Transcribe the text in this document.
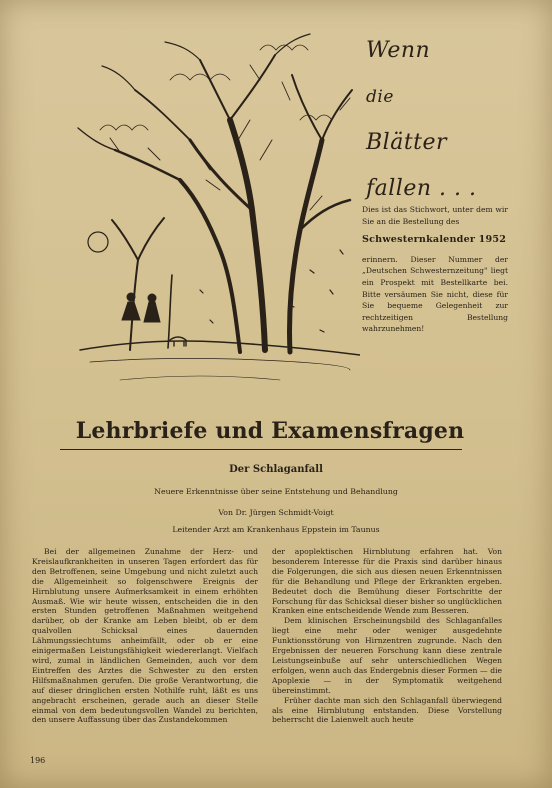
Wenn
die
Blätter
fallen . . .
Dies ist das Stichwort, unter dem wir Sie an die Bestellung des
Schwesternkalender 1952
erinnern. Dieser Nummer der „Deutschen Schwesternzeitung" liegt ein Prospekt mit Bestellkarte bei. Bitte versäumen Sie nicht, diese für Sie bequeme Gelegenheit zur rechtzeitigen Bestellung wahrzunehmen!
Lehrbriefe und Examensfragen
Der Schlaganfall
Neuere Erkenntnisse über seine Entstehung und Behandlung
Von Dr. Jürgen Schmidt-Voigt
Leitender Arzt am Krankenhaus Eppstein im Taunus

Bei der allgemeinen Zunahme der Herz- und Kreislaufkrankheiten in unseren Tagen erfordert das für den Betroffenen, seine Umgebung und nicht zuletzt auch die Allgemeinheit so folgenschwere Ereignis der Hirnblutung unsere Aufmerksamkeit in einem erhöhten Ausmaß. Wie wir heute wissen, entscheiden die in den ersten Stunden getroffenen Maßnahmen weitgehend darüber, ob der Kranke am Leben bleibt, ob er dem qualvollen Schicksal eines dauernden Lähmungssiechtums anheimfällt, oder ob er eine einigermaßen Leistungsfähigkeit wiedererlangt. Vielfach wird, zumal in ländlichen Gemeinden, auch vor dem Eintreffen des Arztes die Schwester zu den ersten Hilfsmaßnahmen gerufen. Die große Verantwortung, die auf dieser dringlichen ersten Nothilfe ruht, läßt es uns angebracht erscheinen, gerade auch an dieser Stelle einmal von dem bedeutungsvollen Wandel zu berichten, den unsere Auffassung über das Zustandekommen

der apoplektischen Hirnblutung erfahren hat. Von besonderem Interesse für die Praxis sind darüber hinaus die Folgerungen, die sich aus diesen neuen Erkenntnissen für die Behandlung und Pflege der Erkrankten ergeben. Bedeutet doch die Bemühung dieser Fortschritte der Forschung für das Schicksal dieser bisher so unglücklichen Kranken eine entscheidende Wende zum Besseren.

Dem klinischen Erscheinungsbild des Schlaganfalles liegt eine mehr oder weniger ausgedehnte Funktionsstörung von Hirnzentren zugrunde. Nach den Ergebnissen der neueren Forschung kann diese zentrale Leistungseinbuße auf sehr unterschiedlichen Wegen erfolgen, wenn auch das Endergebnis dieser Formen — die Apoplexie — in der Symptomatik weitgehend übereinstimmt.

Früher dachte man sich den Schlaganfall überwiegend als eine Hirnblutung entstanden. Diese Vorstellung beherrscht die Laienwelt auch heute

196
